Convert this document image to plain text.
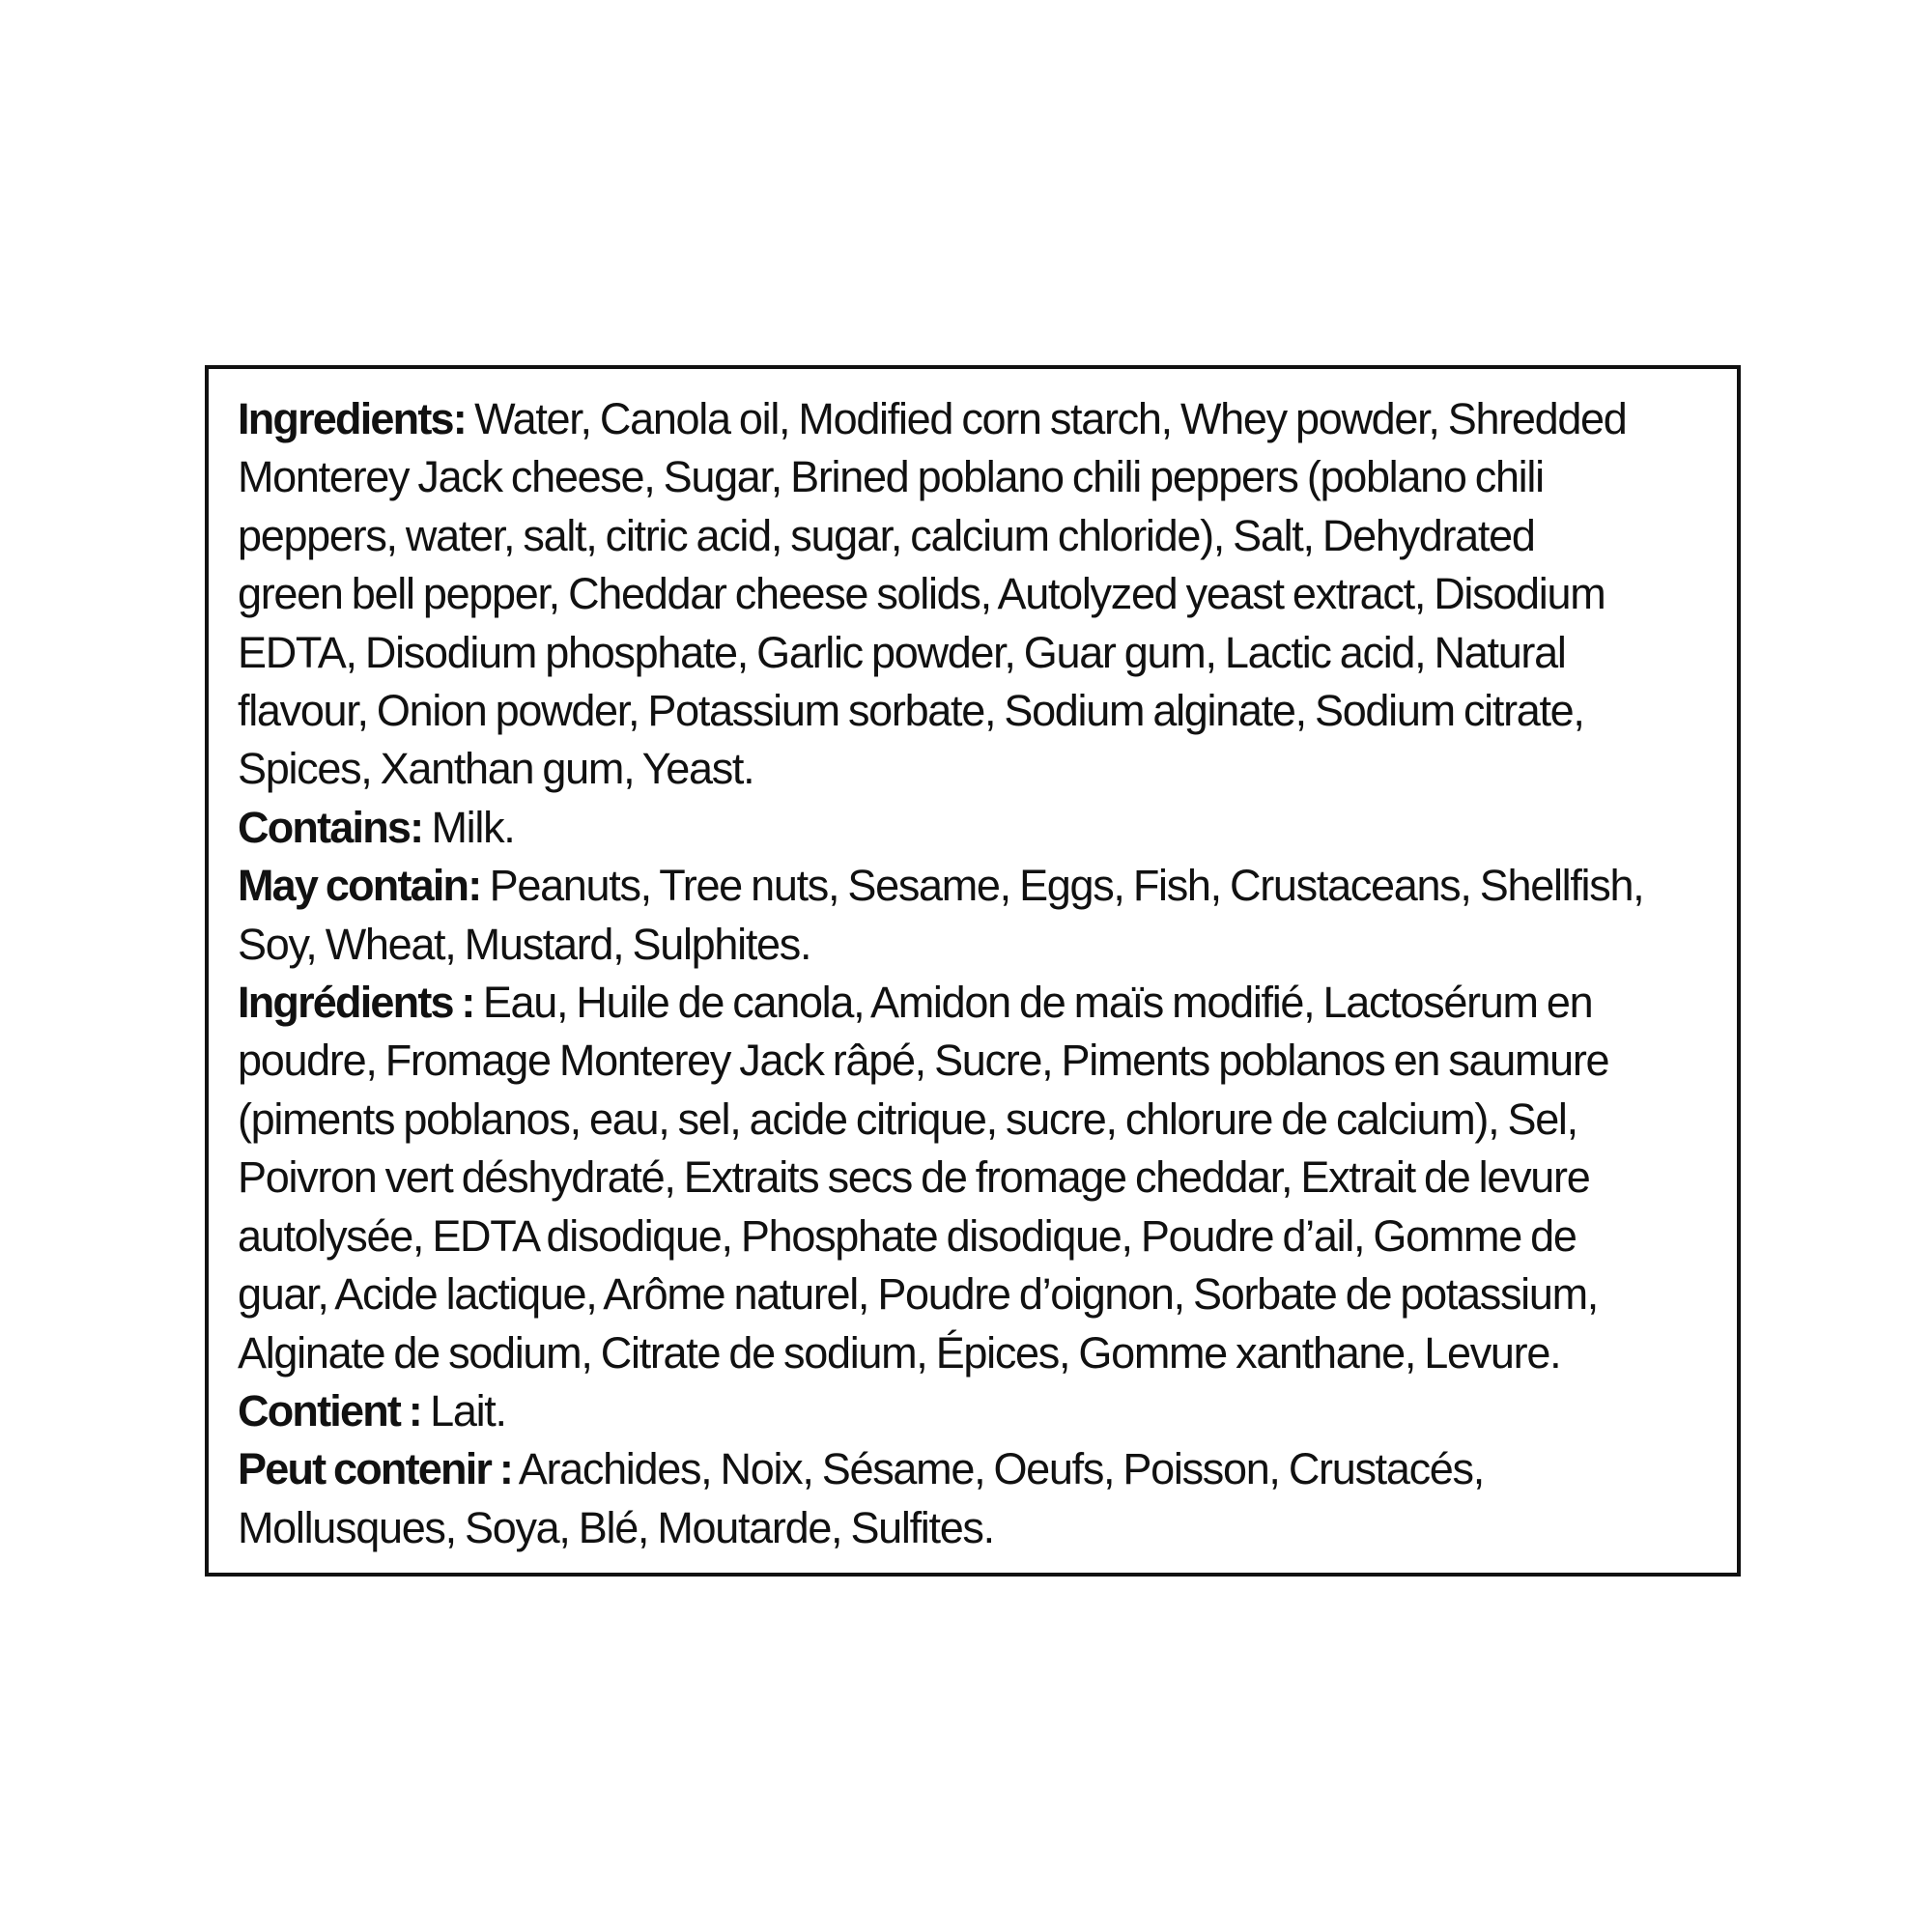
Ingredients: Water, Canola oil, Modified corn starch, Whey powder, Shredded
Monterey Jack cheese, Sugar, Brined poblano chili peppers (poblano chili
peppers, water, salt, citric acid, sugar, calcium chloride), Salt, Dehydrated
green bell pepper, Cheddar cheese solids, Autolyzed yeast extract, Disodium
EDTA, Disodium phosphate, Garlic powder, Guar gum, Lactic acid, Natural
flavour, Onion powder, Potassium sorbate, Sodium alginate, Sodium citrate,
Spices, Xanthan gum, Yeast.

Contains: Milk.

May contain: Peanuts, Tree nuts, Sesame, Eggs, Fish, Crustaceans, Shellfish,
Soy, Wheat, Mustard, Sulphites.

Ingrédients : Eau, Huile de canola, Amidon de maïs modifié, Lactosérum en
poudre, Fromage Monterey Jack râpé, Sucre, Piments poblanos en saumure
(piments poblanos, eau, sel, acide citrique, sucre, chlorure de calcium), Sel,
Poivron vert déshydraté, Extraits secs de fromage cheddar, Extrait de levure
autolysée, EDTA disodique, Phosphate disodique, Poudre d’ail, Gomme de
guar, Acide lactique, Arôme naturel, Poudre d’oignon, Sorbate de potassium,
Alginate de sodium, Citrate de sodium, Épices, Gomme xanthane, Levure.

Contient : Lait.

Peut contenir : Arachides, Noix, Sésame, Oeufs, Poisson, Crustacés,
Mollusques, Soya, Blé, Moutarde, Sulfites.
